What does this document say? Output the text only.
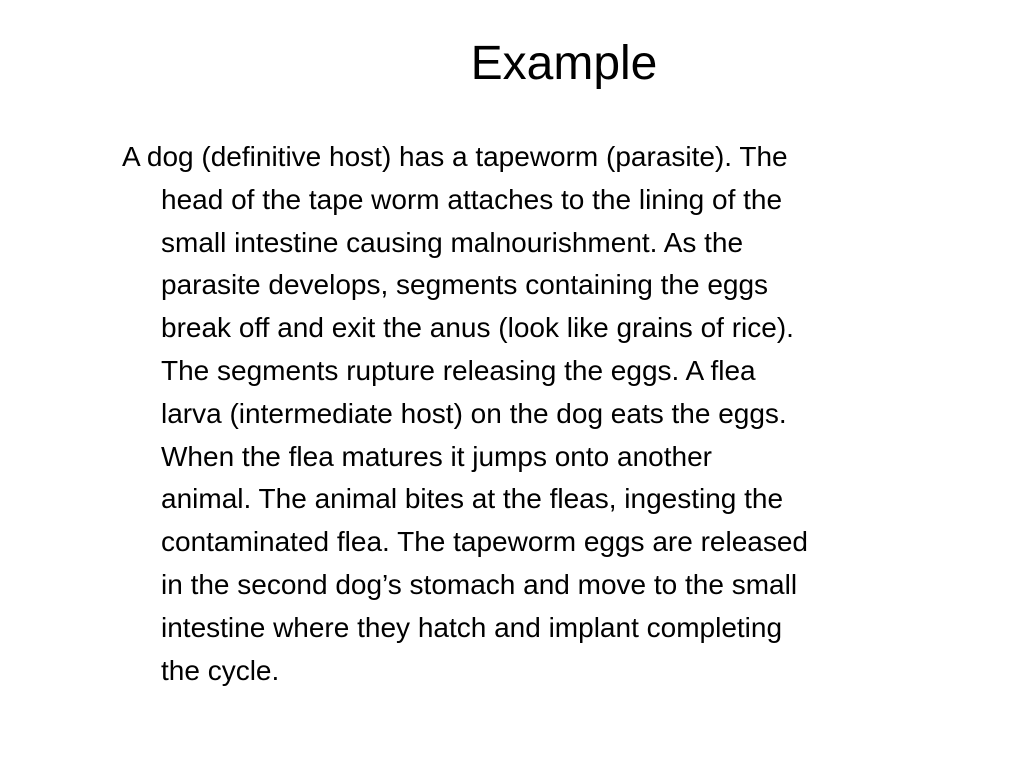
Example
A dog (definitive host) has a tapeworm (parasite). The
head of the tape worm attaches to the lining of the
small intestine causing malnourishment. As the
parasite develops, segments containing the eggs
break off and exit the anus (look like grains of rice).
The segments rupture releasing the eggs. A flea
larva (intermediate host) on the dog eats the eggs.
When the flea matures it jumps onto another
animal. The animal bites at the fleas, ingesting the
contaminated flea. The tapeworm eggs are released
in the second dog’s stomach and move to the small
intestine where they hatch and implant completing
the cycle.
